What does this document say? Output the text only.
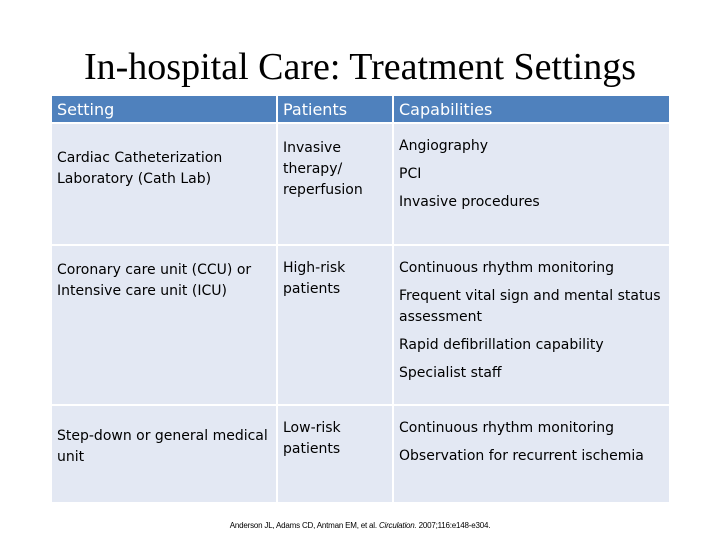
In-hospital Care: Treatment Settings
Setting	Patients	Capabilities
Cardiac Catheterization Laboratory (Cath Lab)	Invasive therapy/ reperfusion	Angiography
PCI
Invasive procedures

Coronary care unit (CCU) or Intensive care unit (ICU)	High-risk patients	Continuous rhythm monitoring
Frequent vital sign and mental status assessment
Rapid defibrillation capability
Specialist staff

Step-down or general medical unit	Low-risk patients	Continuous rhythm monitoring
Observation for recurrent ischemia
Anderson JL, Adams CD, Antman EM, et al. Circulation. 2007;116:e148-e304.
